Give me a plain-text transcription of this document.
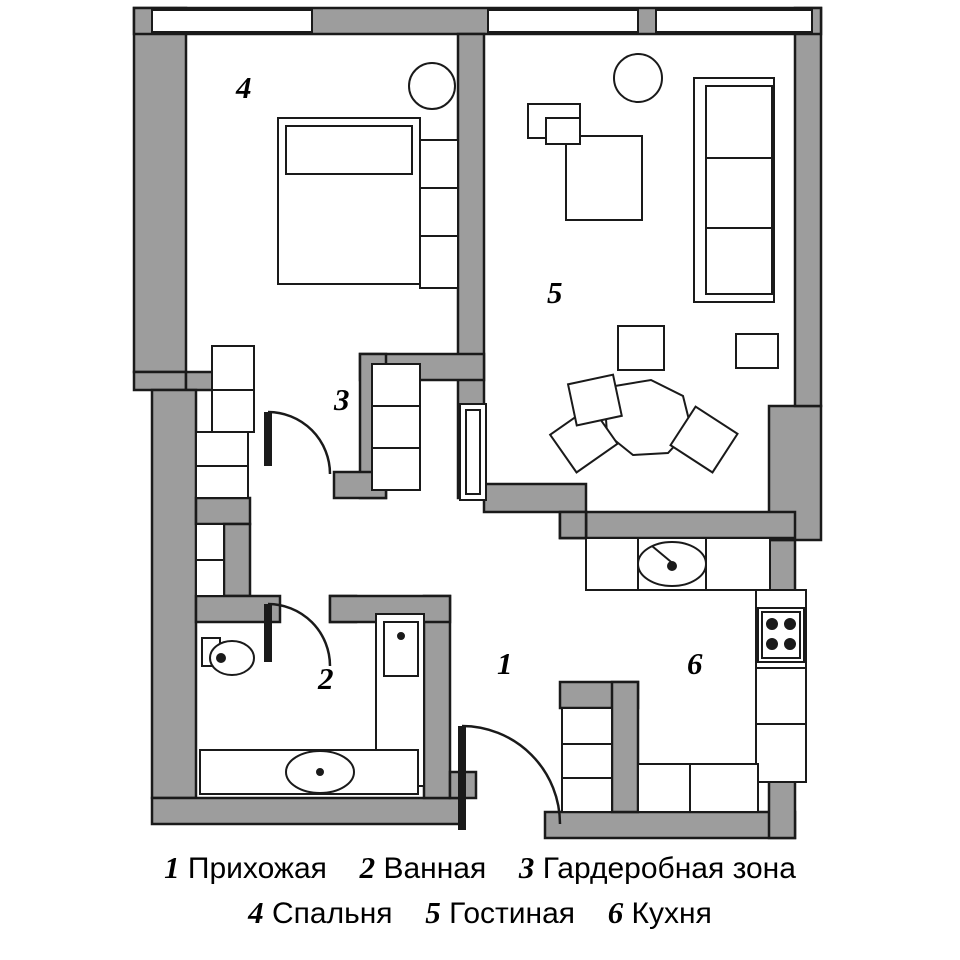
4
3
5
2	1	6
1 Прихожая 2 Ванная 3 Гардеробная зона
4 Спальня 5 Гостиная 6 Кухня
